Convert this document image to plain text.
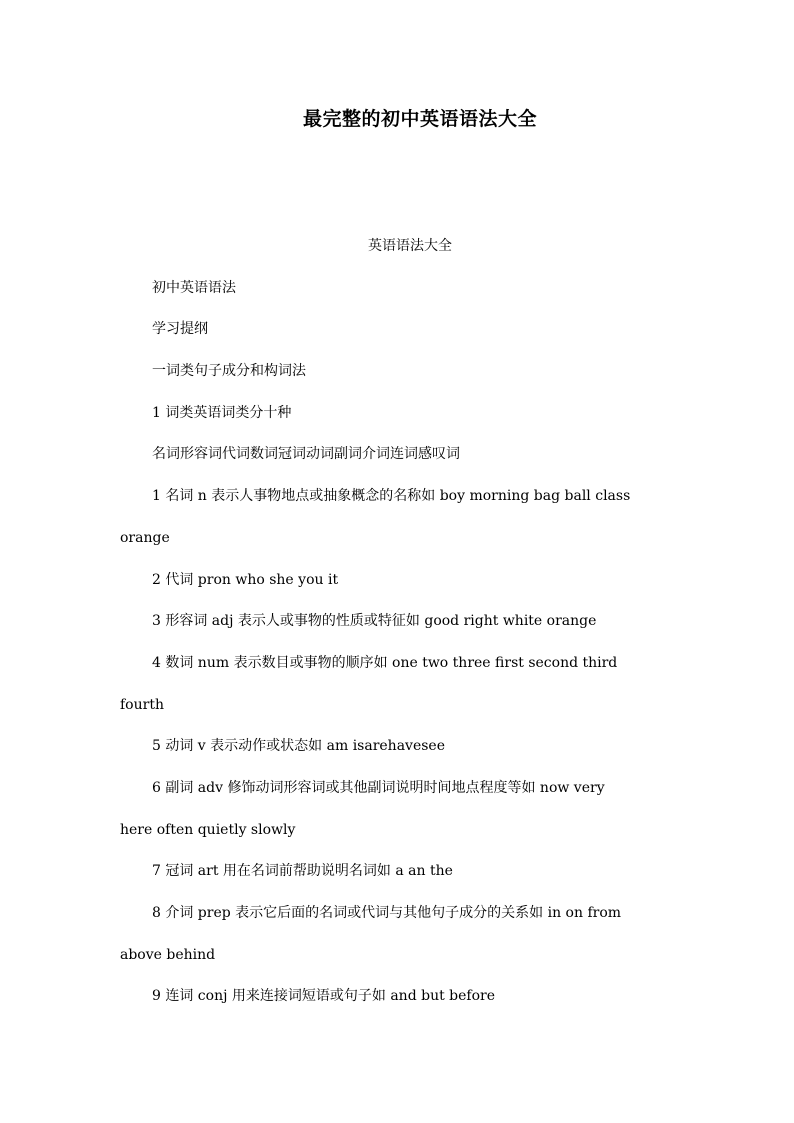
最完整的初中英语语法大全
英语语法大全
初中英语语法
学习提纲
一词类句子成分和构词法
1 词类英语词类分十种
名词形容词代词数词冠词动词副词介词连词感叹词
1 名词 n 表示人事物地点或抽象概念的名称如 boy morning bag ball class
orange
2 代词 pron who she you it
3 形容词 adj 表示人或事物的性质或特征如 good right white orange
4 数词 num 表示数目或事物的顺序如 one two three first second third
fourth
5 动词 v 表示动作或状态如 am isarehavesee
6 副词 adv 修饰动词形容词或其他副词说明时间地点程度等如 now very
here often quietly slowly
7 冠词 art 用在名词前帮助说明名词如 a an the
8 介词 prep 表示它后面的名词或代词与其他句子成分的关系如 in on from
above behind
9 连词 conj 用来连接词短语或句子如 and but before
